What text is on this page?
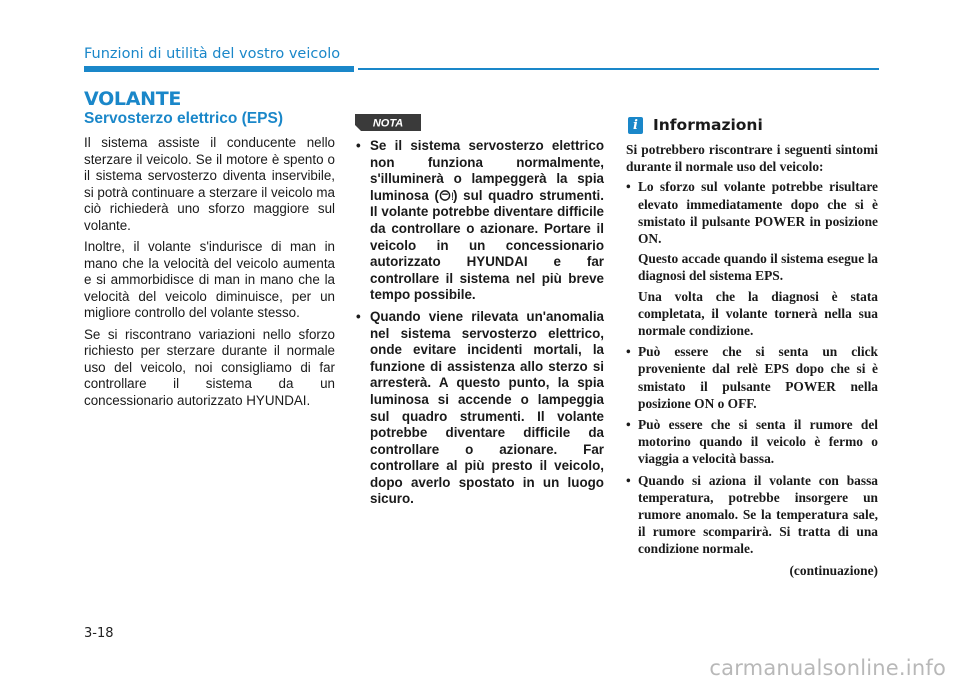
Funzioni di utilità del vostro veicolo
VOLANTE
Servosterzo elettrico (EPS)

Il sistema assiste il conducente nello sterzare il veicolo. Se il motore è spento o il sistema servosterzo diventa inservibile, si potrà continuare a sterzare il veicolo ma ciò richiederà uno sforzo maggiore sul volante.

Inoltre, il volante s'indurisce di man in mano che la velocità del veicolo aumenta e si ammorbidisce di man in mano che la velocità del veicolo diminuisce, per un migliore controllo del volante stesso.

Se si riscontrano variazioni nello sforzo richiesto per sterzare durante il normale uso del veicolo, noi consigliamo di far controllare il sistema da un concessionario autorizzato HYUNDAI.

NOTA
• Se il sistema servosterzo elettrico non funziona normalmente, s'illuminerà o lampeggerà la spia luminosa ( ) sul quadro strumenti. Il volante potrebbe diventare difficile da controllare o azionare. Portare il veicolo in un concessionario autorizzato HYUNDAI e far controllare il sistema nel più breve tempo possibile.
• Quando viene rilevata un'anomalia nel sistema servosterzo elettrico, onde evitare incidenti mortali, la funzione di assistenza allo sterzo si arresterà. A questo punto, la spia luminosa si accende o lampeggia sul quadro strumenti. Il volante potrebbe diventare difficile da controllare o azionare. Far controllare al più presto il veicolo, dopo averlo spostato in un luogo sicuro.
i Informazioni

Si potrebbero riscontrare i seguenti sintomi durante il normale uso del veicolo:

• Lo sforzo sul volante potrebbe risultare elevato immediatamente dopo che si è smistato il pulsante POWER in posizione ON.

Questo accade quando il sistema esegue la diagnosi del sistema EPS.

Una volta che la diagnosi è stata completata, il volante tornerà nella sua normale condizione.

• Può essere che si senta un click proveniente dal relè EPS dopo che si è smistato il pulsante POWER nella posizione ON o OFF.
• Può essere che si senta il rumore del motorino quando il veicolo è fermo o viaggia a velocità bassa.
• Quando si aziona il volante con bassa temperatura, potrebbe insorgere un rumore anomalo. Se la temperatura sale, il rumore scomparirà. Si tratta di una condizione normale.

(continuazione)

3-18
carmanualsonline.info
